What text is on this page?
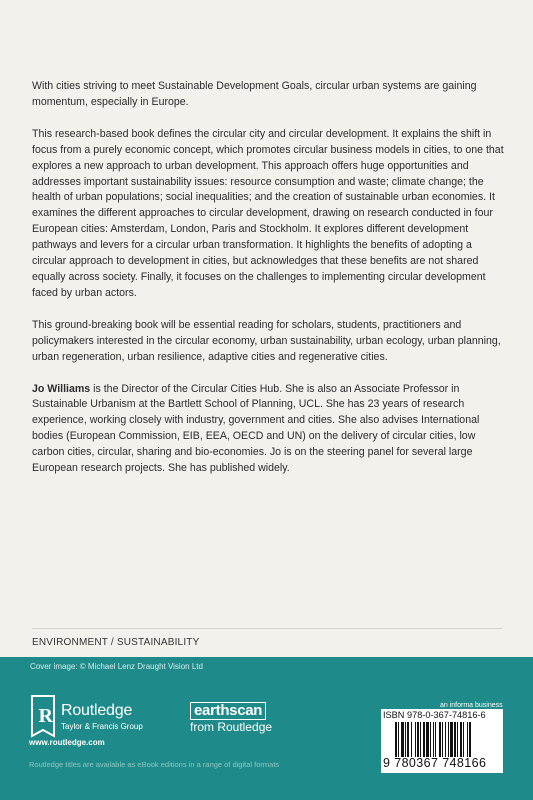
With cities striving to meet Sustainable Development Goals, circular urban systems are gaining momentum, especially in Europe.

This research-based book defines the circular city and circular development. It explains the shift in focus from a purely economic concept, which promotes circular business models in cities, to one that explores a new approach to urban development. This approach offers huge opportunities and addresses important sustainability issues: resource consumption and waste; climate change; the health of urban populations; social inequalities; and the creation of sustainable urban economies. It examines the different approaches to circular development, drawing on research conducted in four European cities: Amsterdam, London, Paris and Stockholm. It explores different development pathways and levers for a circular urban transformation. It highlights the benefits of adopting a circular approach to development in cities, but acknowledges that these benefits are not shared equally across society. Finally, it focuses on the challenges to implementing circular development faced by urban actors.

This ground-breaking book will be essential reading for scholars, students, practitioners and policymakers interested in the circular economy, urban sustainability, urban ecology, urban planning, urban regeneration, urban resilience, adaptive cities and regenerative cities.

Jo Williams is the Director of the Circular Cities Hub. She is also an Associate Professor in Sustainable Urbanism at the Bartlett School of Planning, UCL. She has 23 years of research experience, working closely with industry, government and cities. She also advises International bodies (European Commission, EIB, EEA, OECD and UN) on the delivery of circular cities, low carbon cities, circular, sharing and bio-economies. Jo is on the steering panel for several large European research projects. She has published widely.

ENVIRONMENT / SUSTAINABILITY
Cover image: © Michael Lenz Draught Vision Ltd
R Routledge
Taylor & Francis Group
www.routledge.com
earthscan
from Routledge
Routledge titles are available as eBook editions in a range of digital formats
an informa business
ISBN 978-0-367-74816-6
9 780367 748166
